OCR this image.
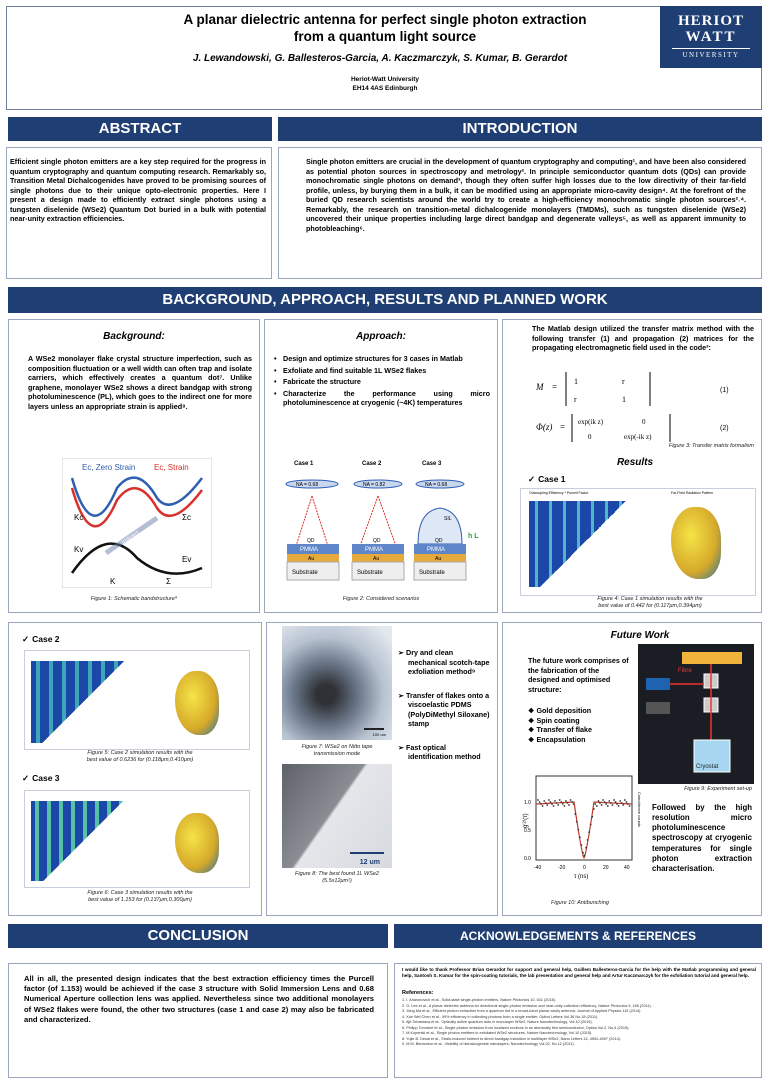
A planar dielectric antenna for perfect single photon extraction
from a quantum light source
J. Lewandowski, G. Ballesteros-Garcia, A. Kaczmarczyk, S. Kumar, B. Gerardot
Heriot-Watt University
EH14 4AS Edinburgh
HERIOT
WATT
UNIVERSITY
ABSTRACT	INTRODUCTION
Efficient single photon emitters are a key step required for the progress in quantum cryptography and quantum computing research. Remarkably so, Transition Metal Dichalcogenides have proved to be promising sources of single photons due to their unique opto-electronic properties. Here I present a design made to efficiently extract single photons using a tungsten diselenide (WSe2) Quantum Dot buried in a bulk with potential near-unity extraction efficiencies.
Single photon emitters are crucial in the development of quantum cryptography and computing¹, and have been also considered as potential photon sources in spectroscopy and metrology². In principle semiconductor quantum dots (QDs) can provide monochromatic single photons on demand³, though they often suffer high losses due to the low directivity of their far-field profile, unless, by burying them in a bulk, it can be modified using an appropriate micro-cavity design⁴. At the forefront of the buried QD research scientists around the world try to create a high-efficiency monochromatic single photon sources²˒⁴. Remarkably, the research on transition-metal dichalcogenide monolayers (TMDMs), such as tungsten diselenide (WSe2) uncovered their unique properties including large direct bandgap and degenerate valleys⁵, as well as apparent immunity to photobleaching⁶.
BACKGROUND, APPROACH, RESULTS AND PLANNED WORK
Background:
A WSe2 monolayer flake crystal structure imperfection, such as composition fluctuation or a well width can often trap and isolate carriers, which effectively creates a quantum dot⁷. Unlike graphene, monolayer WSe2 shows a direct bandgap with strong photoluminescence (PL), which goes to the indirect one for more layers unless an appropriate strain is applied⁸.
Ec, Zero Strain Ec, Strain
Kc	Σc
Kv
Ev
Indirect
K	Σ
Figure 1: Schematic bandstructure⁹
Approach:
• Design and optimize structures for 3 cases in Matlab
• Exfoliate and find suitable 1L WSe2 flakes
• Fabricate the structure
• Characterize the performance using micro photoluminescence at cryogenic (~4K) temperatures
Case 1
NA = 0.68
PMMA
Au
Substrate
QD
Case 2
NA = 0.82
PMMA
Au
Substrate
QD
Case 3
NA = 0.68
SIL
PMMA
Au
Substrate
QD
h L
Figure 2: Considered scenarios
The Matlab design utilized the transfer matrix method with the following transfer (1) and propagation (2) matrices for the propagating electromagnetic field used in the code³:
M =
1	r
r	1
(1)
Φ(z) = exp(ik z)	0
0	exp(-ik z)
(2)
Figure 3: Transfer matrix formalism
Results
✓ Case 1
Outcoupling Efficiency * Purcell Factor	Far-Field Radiation Pattern
Figure 4: Case 1 simulation results with the
best value of 0.442 for (0.117μm,0.394μm)
✓ Case 2
Figure 5: Case 2 simulation results with the
best value of 0.6236 for (0.118μm,0.410μm)
✓ Case 3
Figure 6: Case 3 simulation results with the
best value of 1.153 for (0.137μm,0.300μm)
100 um
Figure 7: WSe2 on Nitto tape
transmission mode
12 um
Figure 8: The best found 1L WSe2
(5.5x12μm²)
➢ Dry and clean mechanical scotch-tape exfoliation method⁹
➢ Transfer of flakes onto a viscoelastic PDMS (PolyDiMethyl Siloxane) stamp
➢ Fast optical identification method
Future Work
The future work comprises of the fabrication of the designed and optimised structure:
❖ Gold deposition
❖ Spin coating
❖ Transfer of flake
❖ Encapsulation
Fibre
Cryostat
Figure 9: Experiment set-up
-40	-20	0	20	40
0.0
0.5
1.0
τ (ns)
g⁽²⁾(τ)	Coincidence counts
Figure 10: Antibunching
Followed by the high resolution micro photoluminescence spectroscopy at cryogenic temperatures for single photon extraction characterisation.
CONCLUSION	ACKNOWLEDGEMENTS & REFERENCES
All in all, the presented design indicates that the best extraction efficiency times the Purcell factor (of 1.153) would be achieved if the case 3 structure with Solid Immersion Lens and 0.68 Numerical Aperture collection lens was applied. Nevertheless since two additional monolayers of WSe2 flakes were found, the other two structures (case 1 and case 2) may also be fabricated and characterized.
I would like to thank Professor Brian Gerardot for support and general help, Guillem Ballesteros-Garcia for the help with the Matlab programming and general help, Santosh S. Kumar for the spin-coating tutorials, the lab presentation and general help and Artur Kaczmarczyk for the exfoliation tutorial and general help.
References:
1. I. Aharonovich et al., Solid-state single-photon emitters, Nature Photonics 10, 631 (2016).
2. G. Lee et al., A planar dielectric antenna for directional single-photon emission and near-unity collection efficiency, Nature Photonics 5, 166 (2011).
3. Yang Ma et al., Efficient photon extraction from a quantum dot in a broad-band planar cavity antenna, Journal of Applied Physics 115 (2014).
4. Xue Wei Chen et al., 99% efficiency in collecting photons from a single emitter, Optics Letters Vol.36 No.18 (2011).
5. Ajit Srivastava et al., Optically active quantum dots in monolayer WSe2, Nature Nanotechnology, Vol.10 (2015).
6. Philipp Tonndorf et al., Single-photon emission from localized excitons in an atomically thin semiconductor, Optica Vol.2, No.4 (2015).
7. M.Koperski et al., Single photon emitters in exfoliated WSe2 structures, Nature Nanotechnology, Vol.10 (2015).
8. Yujie B. Desai et al., Strain-induced indirect to direct bandgap transition in multilayer WSe2, Nano Letters 14, 4592-4597 (2014).
9. M.M. Benameur et al., Visibility of dichalcogenide nanolayers, Nanotechnology Vol.22, No.12 (2011).
